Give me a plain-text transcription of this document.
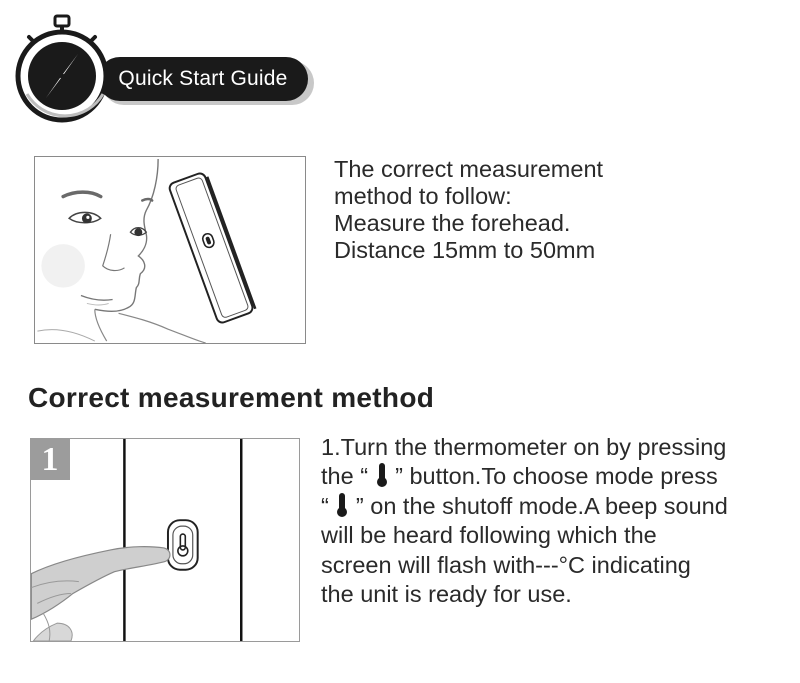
Quick Start Guide
The correct measurement
method to follow:
Measure the forehead.
Distance 15mm to 50mm
Correct measurement method
1	1.Turn the thermometer on by pressing
the “ ” button.To choose mode press
“ ” on the shutoff mode.A beep sound
will be heard following which the
screen will flash with---°C indicating
the unit is ready for use.
